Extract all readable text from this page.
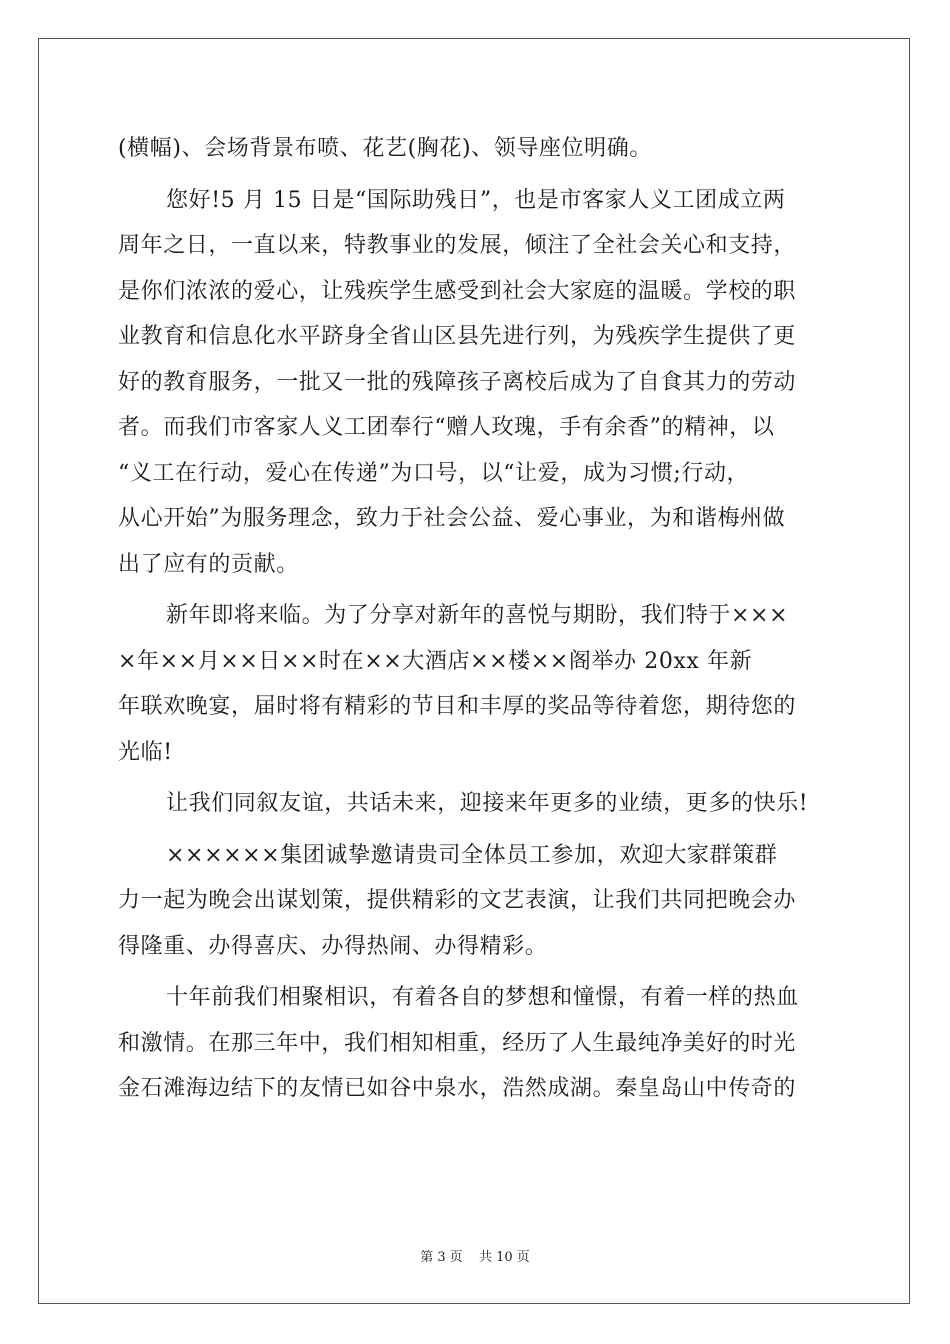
(横幅)、会场背景布喷、花艺(胸花)、领导座位明确。
您好!5 月 15 日是“国际助残日”，也是市客家人义工团成立两
周年之日，一直以来，特教事业的发展，倾注了全社会关心和支持，
是你们浓浓的爱心，让残疾学生感受到社会大家庭的温暖。学校的职
业教育和信息化水平跻身全省山区县先进行列，为残疾学生提供了更
好的教育服务，一批又一批的残障孩子离校后成为了自食其力的劳动
者。而我们市客家人义工团奉行“赠人玫瑰，手有余香”的精神，以
“义工在行动，爱心在传递”为口号，以“让爱，成为习惯;行动，
从心开始”为服务理念，致力于社会公益、爱心事业，为和谐梅州做
出了应有的贡献。
新年即将来临。为了分享对新年的喜悦与期盼，我们特于×××
×年××月××日××时在××大酒店××楼××阁举办 20xx 年新
年联欢晚宴，届时将有精彩的节目和丰厚的奖品等待着您，期待您的
光临!
让我们同叙友谊，共话未来，迎接来年更多的业绩，更多的快乐!
××××××集团诚挚邀请贵司全体员工参加，欢迎大家群策群
力一起为晚会出谋划策，提供精彩的文艺表演，让我们共同把晚会办
得隆重、办得喜庆、办得热闹、办得精彩。
十年前我们相聚相识，有着各自的梦想和憧憬，有着一样的热血
和激情。在那三年中，我们相知相重，经历了人生最纯净美好的时光
金石滩海边结下的友情已如谷中泉水，浩然成湖。秦皇岛山中传奇的
第 3 页 共 10 页
